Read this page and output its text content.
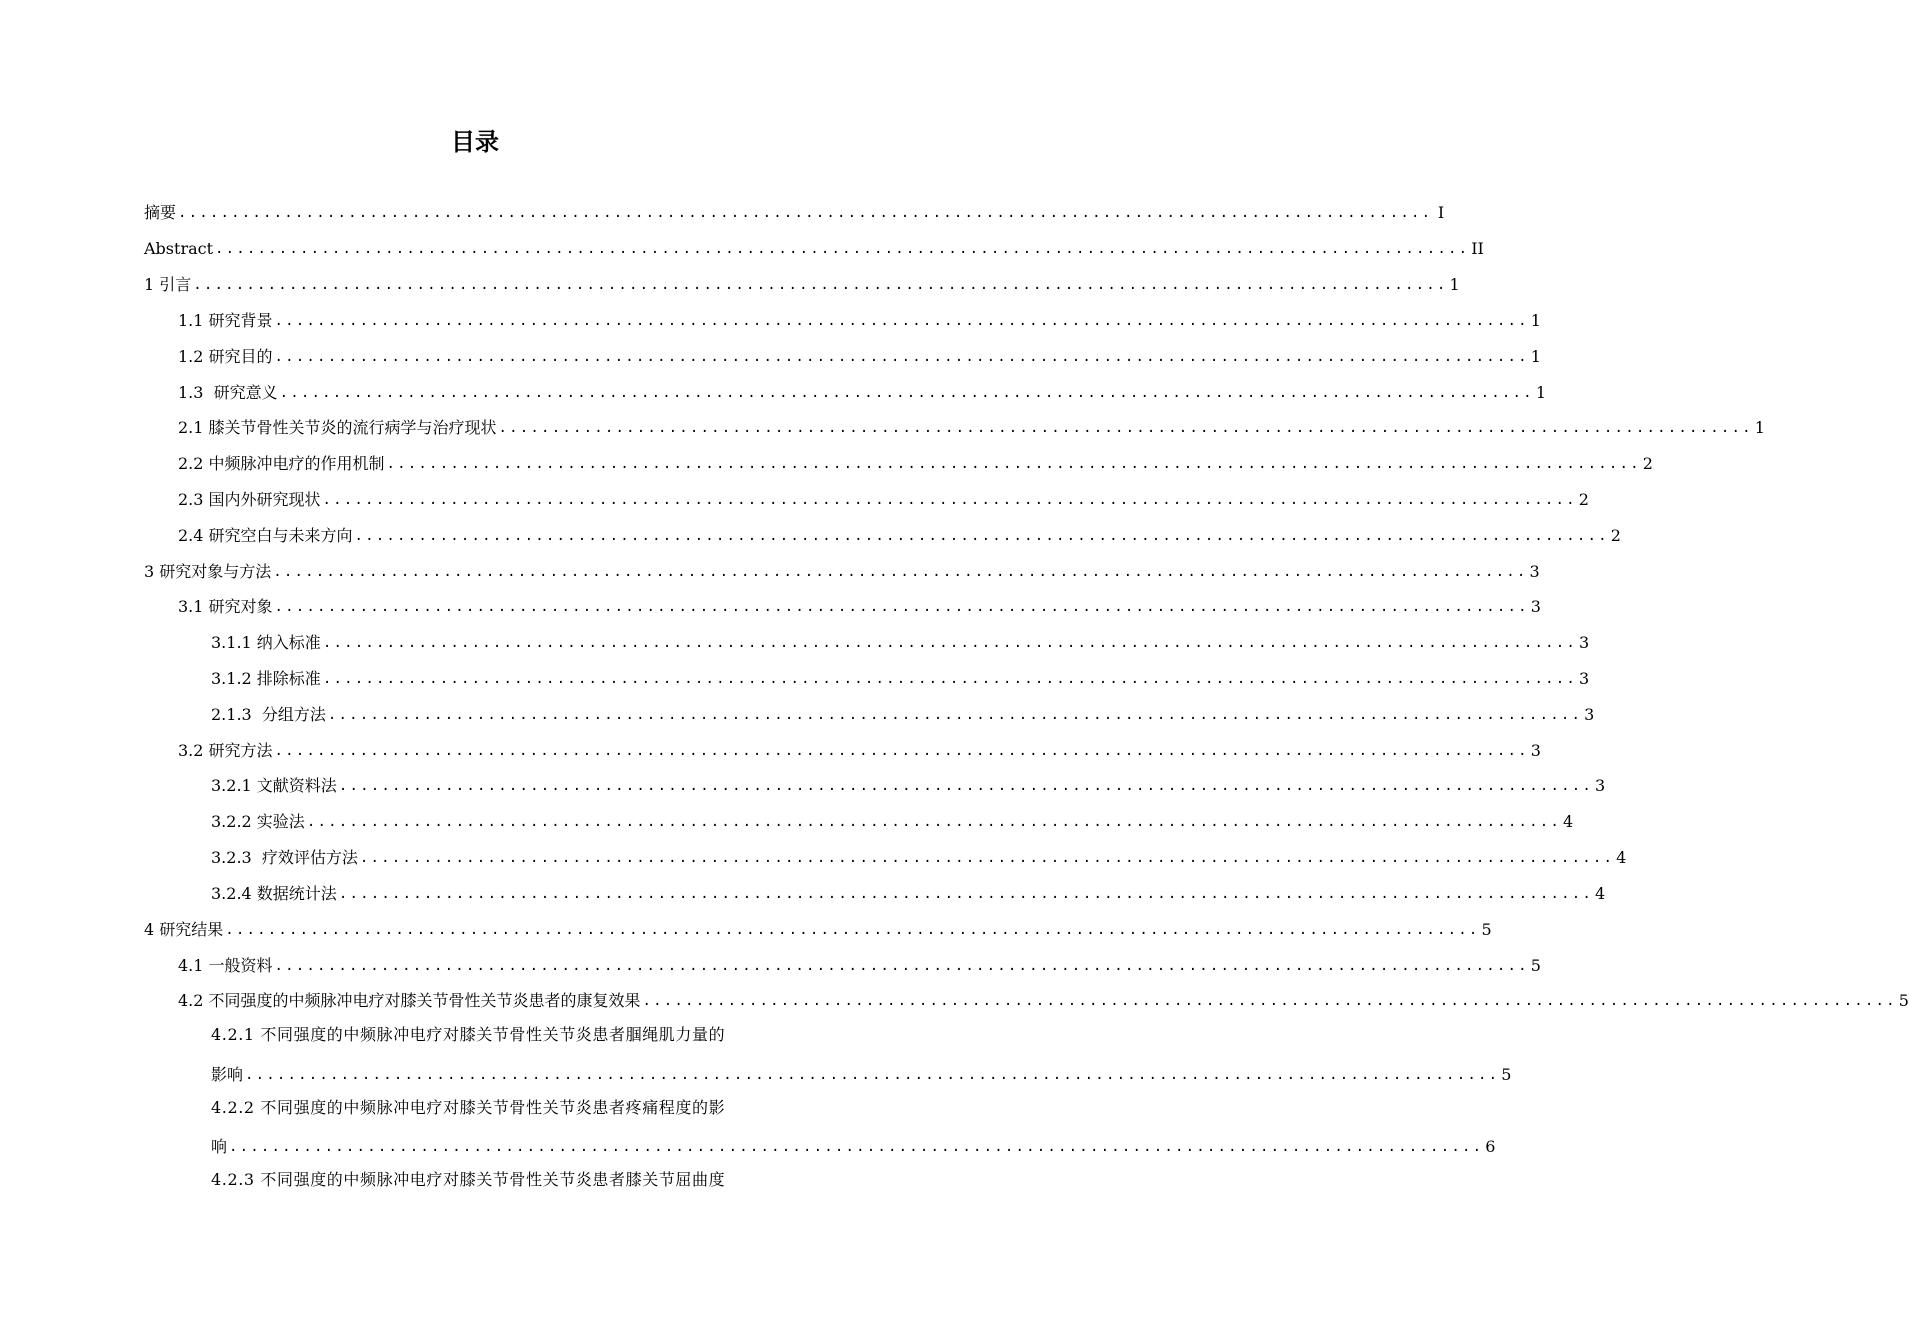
目录
摘要 ...................................................................................................................... I
Abstract ...................................................................................................................... II
1 引言 ...................................................................................................................... 1
1.1 研究背景 ...................................................................................................................... 1
1.2 研究目的 ...................................................................................................................... 1
1.3  研究意义 ...................................................................................................................... 1
2.1 膝关节骨性关节炎的流行病学与治疗现状 ...................................................................................................................... 1
2.2 中频脉冲电疗的作用机制 ...................................................................................................................... 2
2.3 国内外研究现状 ...................................................................................................................... 2
2.4 研究空白与未来方向 ...................................................................................................................... 2
3 研究对象与方法 ...................................................................................................................... 3
3.1 研究对象 ...................................................................................................................... 3
3.1.1 纳入标准 ...................................................................................................................... 3
3.1.2 排除标准 ...................................................................................................................... 3
2.1.3  分组方法 ...................................................................................................................... 3
3.2 研究方法 ...................................................................................................................... 3
3.2.1 文献资料法 ...................................................................................................................... 3
3.2.2 实验法 ...................................................................................................................... 4
3.2.3  疗效评估方法 ...................................................................................................................... 4
3.2.4 数据统计法 ...................................................................................................................... 4
4 研究结果 ...................................................................................................................... 5
4.1 一般资料 ...................................................................................................................... 5
4.2 不同强度的中频脉冲电疗对膝关节骨性关节炎患者的康复效果 ...................................................................................................................... 5
4.2.1 不同强度的中频脉冲电疗对膝关节骨性关节炎患者腘绳肌力量的
影响 ...................................................................................................................... 5
4.2.2 不同强度的中频脉冲电疗对膝关节骨性关节炎患者疼痛程度的影
响 ...................................................................................................................... 6
4.2.3 不同强度的中频脉冲电疗对膝关节骨性关节炎患者膝关节屈曲度
